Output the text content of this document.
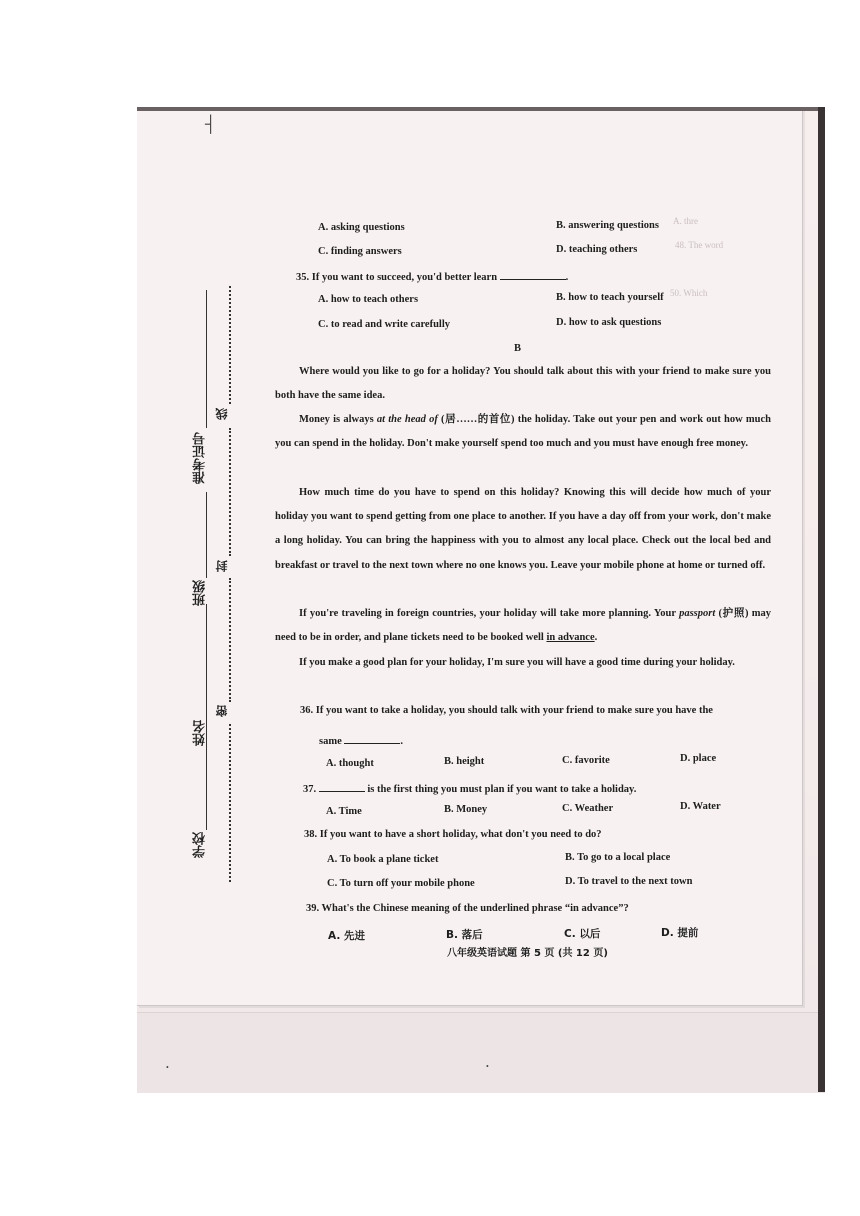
A. thre
48. The word
50. Which
┤
学校
姓名
班级
准考证号
线
封
密
A. asking questions	B. answering questions
C. finding answers	D. teaching others
35. If you want to succeed, you'd better learn	.
A. how to teach others	B. how to teach yourself
C. to read and write carefully	D. how to ask questions
B
Where would you like to go for a holiday? You should talk about this with your friend to make sure you both have the same idea.
Money is always at the head of (居……的首位) the holiday. Take out your pen and work out how much you can spend in the holiday. Don't make yourself spend too much and you must have enough free money.
How much time do you have to spend on this holiday? Knowing this will decide how much of your holiday you want to spend getting from one place to another. If you have a day off from your work, don't make a long holiday. You can bring the happiness with you to almost any local place. Check out the local bed and breakfast or travel to the next town where no one knows you. Leave your mobile phone at home or turned off.
If you're traveling in foreign countries, your holiday will take more planning. Your passport (护照) may need to be in order, and plane tickets need to be booked well in advance.
If you make a good plan for your holiday, I'm sure you will have a good time during your holiday.
36. If you want to take a holiday, you should talk with your friend to make sure you have the
same	.
A. thought	B. height	C. favorite	D. place
37.	is the first thing you must plan if you want to take a holiday.
A. Time	B. Money	C. Weather	D. Water
38. If you want to have a short holiday, what don't you need to do?
A. To book a plane ticket	B. To go to a local place
C. To turn off your mobile phone	D. To travel to the next town
39. What's the Chinese meaning of the underlined phrase “in advance”?
A. 先进	B. 落后	C. 以后	D. 提前
八年级英语试题 第 5 页 (共 12 页)
•
•
